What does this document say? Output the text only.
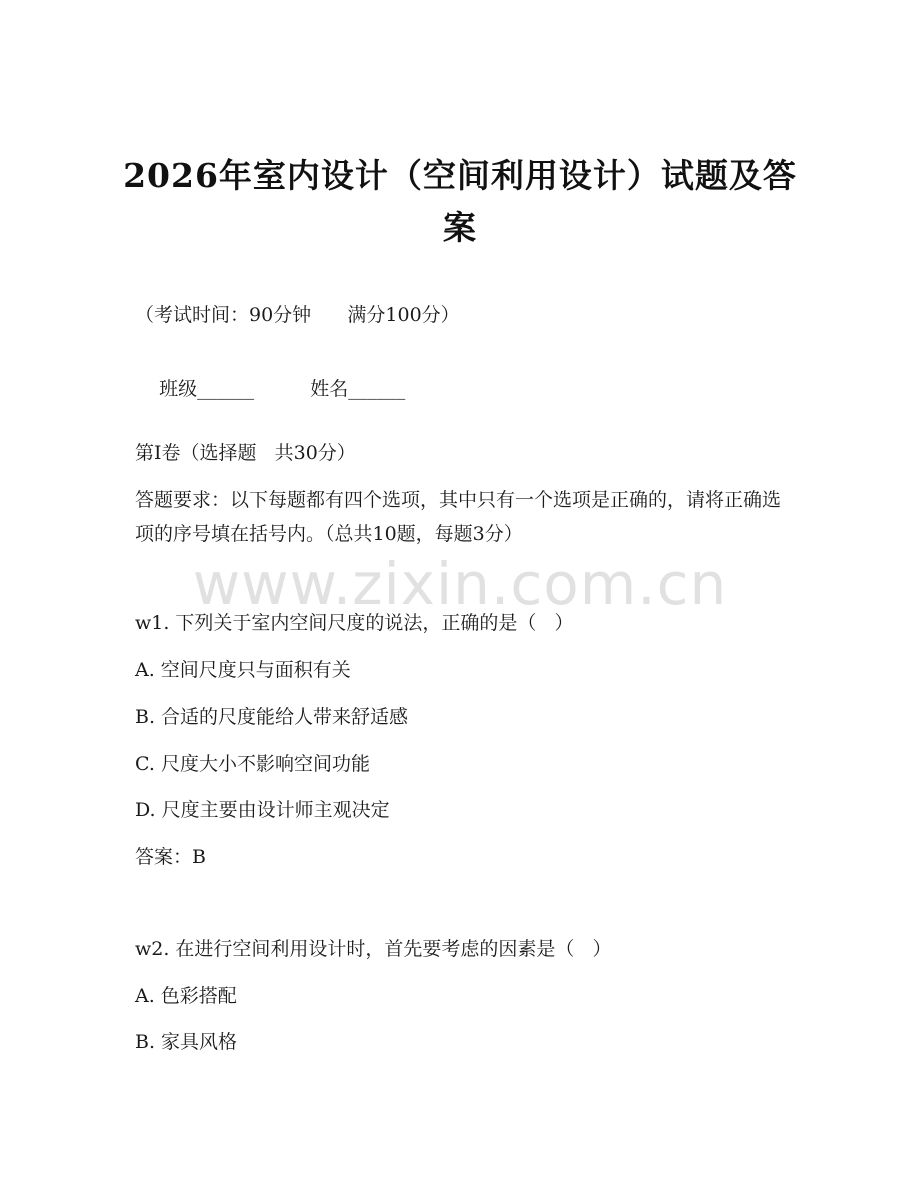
2026年室内设计（空间利用设计）试题及答案
（考试时间：90分钟      满分100分）

班级______	姓名______

第I卷（选择题   共30分）
答题要求：以下每题都有四个选项，其中只有一个选项是正确的，请将正确选项的序号填在括号内。（总共10题，每题3分）
www.zixin.com.cn
w1. 下列关于室内空间尺度的说法，正确的是（   ）
A. 空间尺度只与面积有关
B. 合适的尺度能给人带来舒适感
C. 尺度大小不影响空间功能
D. 尺度主要由设计师主观决定
答案：B
w2. 在进行空间利用设计时，首先要考虑的因素是（   ）
A. 色彩搭配
B. 家具风格
